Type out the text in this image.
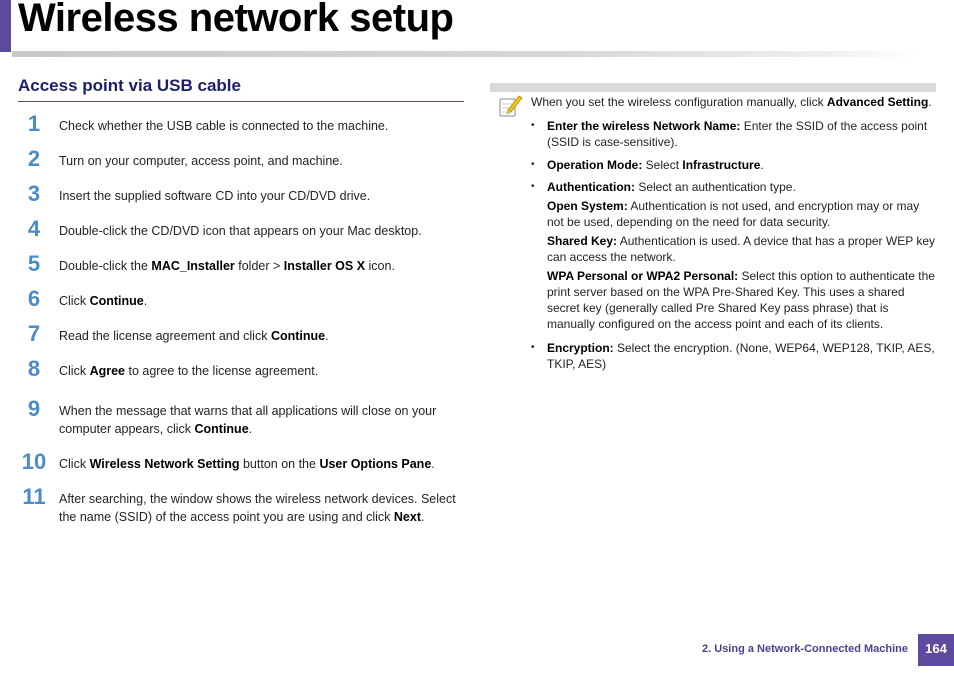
Wireless network setup
Access point via USB cable
1	Check whether the USB cable is connected to the machine.
2	Turn on your computer, access point, and machine.
3	Insert the supplied software CD into your CD/DVD drive.
4	Double-click the CD/DVD icon that appears on your Mac desktop.
5	Double-click the MAC_Installer folder > Installer OS X icon.
6	Click Continue.
7	Read the license agreement and click Continue.
8	Click Agree to agree to the license agreement.
9	When the message that warns that all applications will close on your computer appears, click Continue.
10	Click Wireless Network Setting button on the User Options Pane.
11	After searching, the window shows the wireless network devices. Select the name (SSID) of the access point you are using and click Next.
When you set the wireless configuration manually, click Advanced Setting.
• Enter the wireless Network Name: Enter the SSID of the access point (SSID is case-sensitive).

• Operation Mode: Select Infrastructure.

• Authentication: Select an authentication type.

Open System: Authentication is not used, and encryption may or may not be used, depending on the need for data security.

Shared Key: Authentication is used. A device that has a proper WEP key can access the network.

WPA Personal or WPA2 Personal: Select this option to authenticate the print server based on the WPA Pre-Shared Key. This uses a shared secret key (generally called Pre Shared Key pass phrase) that is manually configured on the access point and each of its clients.

• Encryption: Select the encryption. (None, WEP64, WEP128, TKIP, AES, TKIP, AES)

2. Using a Network-Connected Machine	164
